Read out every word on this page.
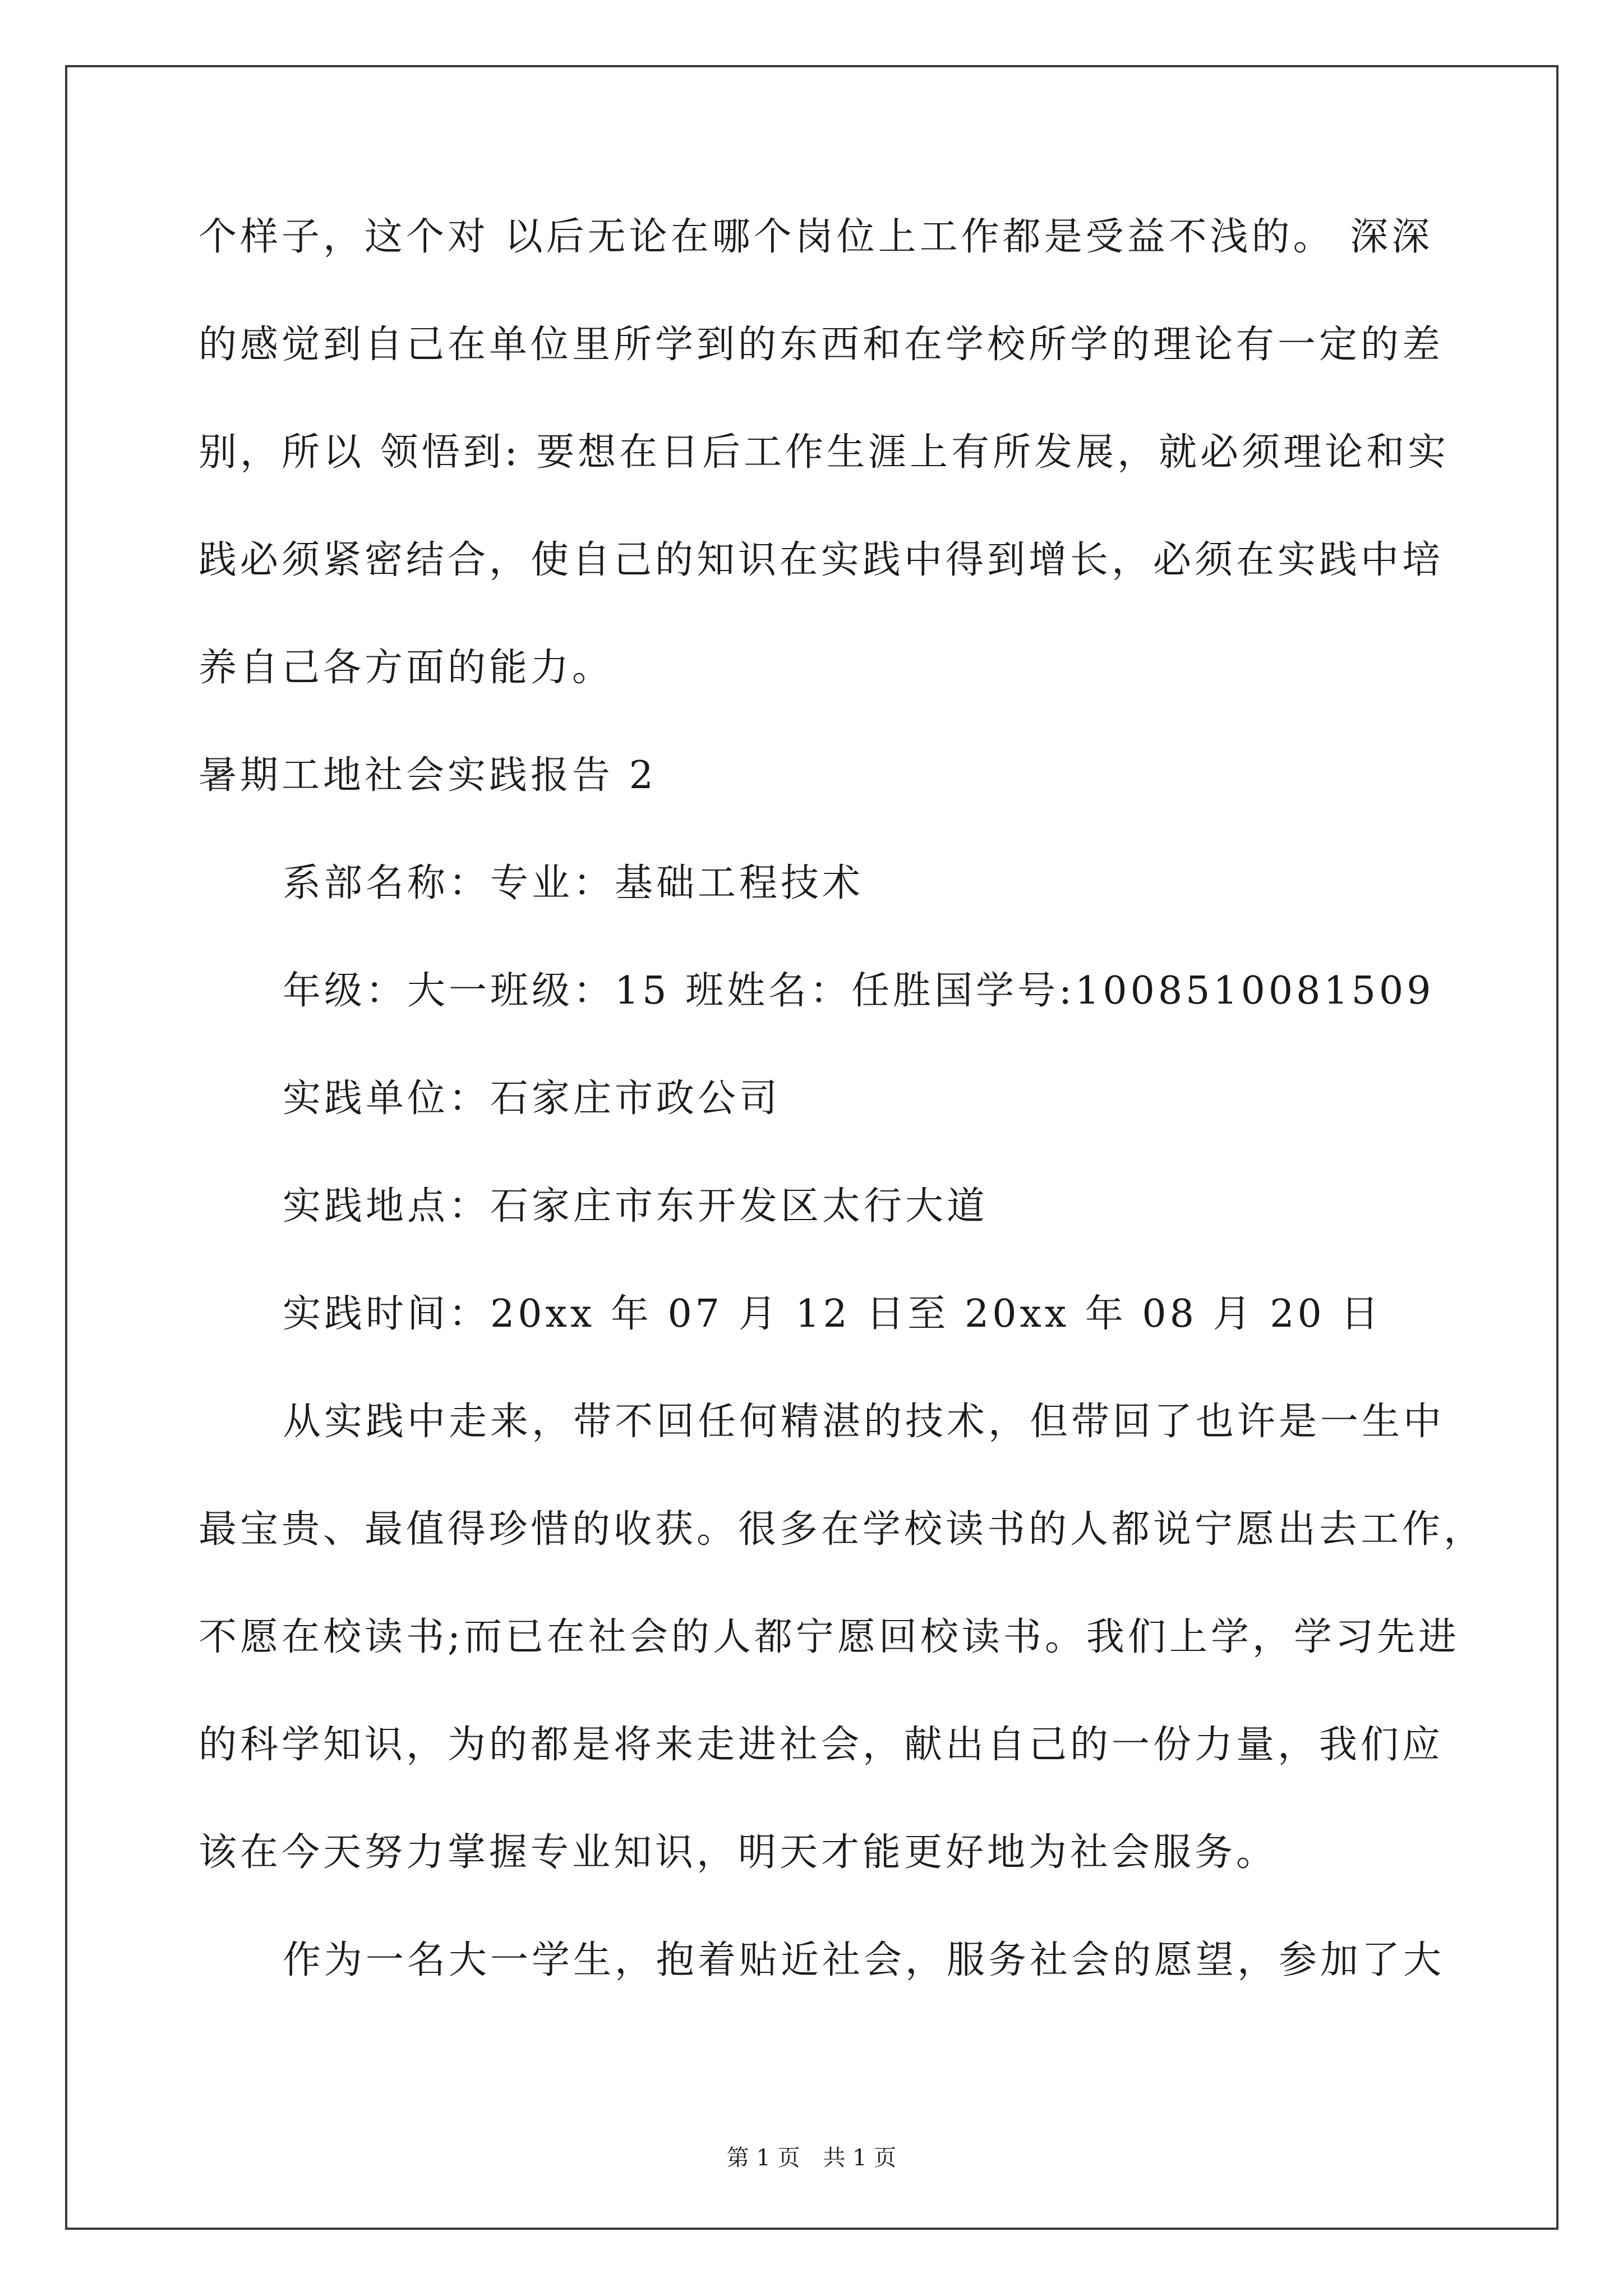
个样子，这个对 以后无论在哪个岗位上工作都是受益不浅的。 深深
的感觉到自己在单位里所学到的东西和在学校所学的理论有一定的差
别，所以 领悟到: 要想在日后工作生涯上有所发展，就必须理论和实
践必须紧密结合，使自己的知识在实践中得到增长，必须在实践中培
养自己各方面的能力。
暑期工地社会实践报告 2
系部名称：专业：基础工程技术
年级：大一班级：15 班姓名：任胜国学号:1008510081509
实践单位：石家庄市政公司
实践地点：石家庄市东开发区太行大道
实践时间：20xx 年 07 月 12 日至 20xx 年 08 月 20 日
从实践中走来，带不回任何精湛的技术，但带回了也许是一生中
最宝贵、最值得珍惜的收获。很多在学校读书的人都说宁愿出去工作，
不愿在校读书;而已在社会的人都宁愿回校读书。我们上学，学习先进
的科学知识，为的都是将来走进社会，献出自己的一份力量，我们应
该在今天努力掌握专业知识，明天才能更好地为社会服务。
作为一名大一学生，抱着贴近社会，服务社会的愿望，参加了大
第 1 页 共 1 页
